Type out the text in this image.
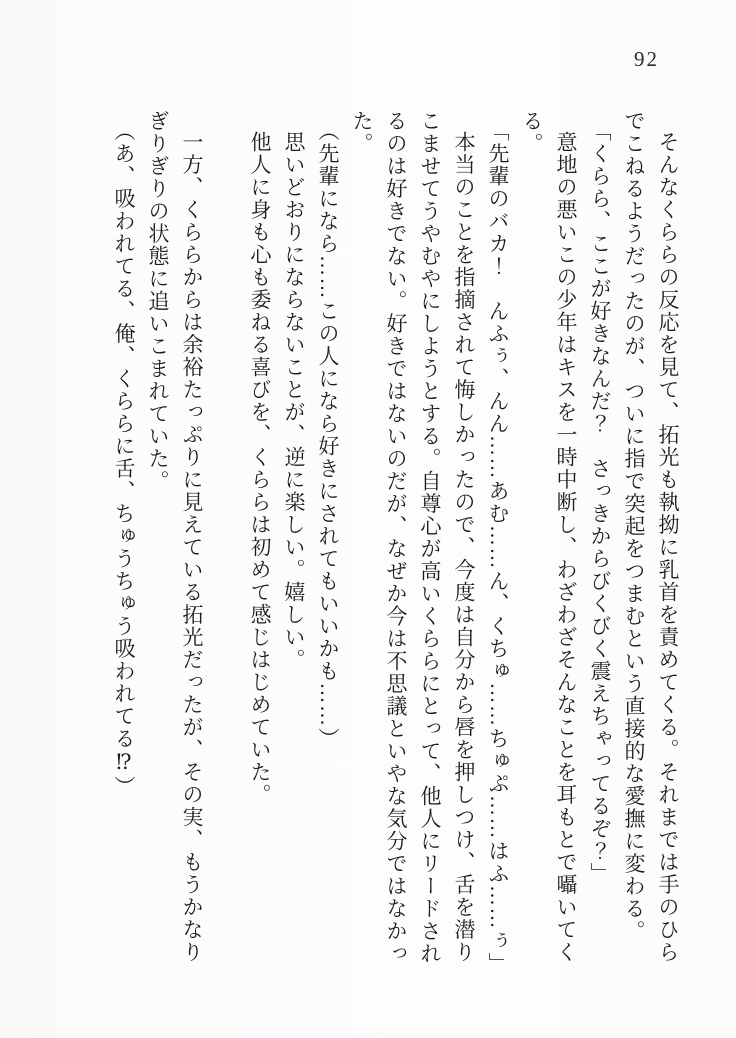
92

そんなくららの反応を見て、拓光も執拗に乳首を責めてくる。それまでは手のひらでこねるようだったのが、ついに指で突起をつまむという直接的な愛撫に変わる。

「くらら、ここが好きなんだ？　さっきからびくびく震えちゃってるぞ？」

意地の悪いこの少年はキスを一時中断し、わざわざそんなことを耳もとで囁いてくる。

「先輩のバカ！　んふぅ、んん……あむ……ん、くちゅ……ちゅぷ……はふ……ぅ」

本当のことを指摘されて悔しかったので、今度は自分から唇を押しつけ、舌を潜りこませてうやむやにしようとする。自尊心が高いくららにとって、他人にリードされるのは好きでない。好きではないのだが、なぜか今は不思議といやな気分ではなかった。

（先輩になら……この人になら好きにされてもいいかも……）

思いどおりにならないことが、逆に楽しい。嬉しい。

他人に身も心も委ねる喜びを、くららは初めて感じはじめていた。

一方、くららからは余裕たっぷりに見えている拓光だったが、その実、もうかなりぎりぎりの状態に追いこまれていた。

（あ、吸われてる、俺、くららに舌、ちゅうちゅう吸われてる⁉）
